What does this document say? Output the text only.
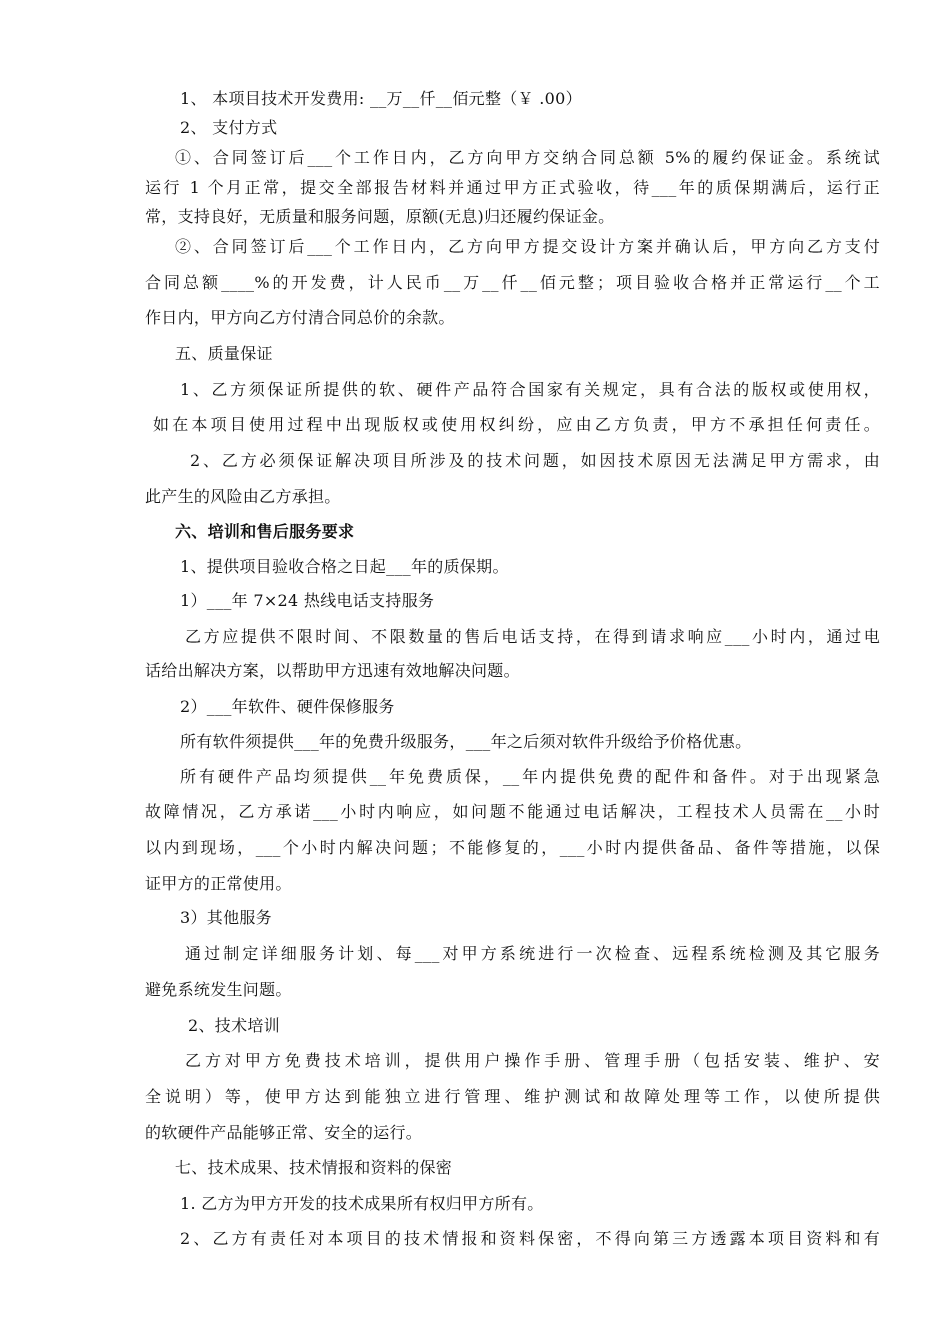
1、 本项目技术开发费用: __万__仟__佰元整（￥ .00）
2、 支付方式
①、合同签订后___个工作日内，乙方向甲方交纳合同总额 5%的履约保证金。系统试
运行 1 个月正常，提交全部报告材料并通过甲方正式验收，待___年的质保期满后，运行正
常，支持良好，无质量和服务问题，原额(无息)归还履约保证金。
②、合同签订后___个工作日内，乙方向甲方提交设计方案并确认后，甲方向乙方支付
合同总额____%的开发费，计人民币__万__仟__佰元整；项目验收合格并正常运行__个工
作日内，甲方向乙方付清合同总价的余款。
五、质量保证
1、乙方须保证所提供的软、硬件产品符合国家有关规定，具有合法的版权或使用权，
如在本项目使用过程中出现版权或使用权纠纷，应由乙方负责，甲方不承担任何责任。
2、乙方必须保证解决项目所涉及的技术问题，如因技术原因无法满足甲方需求，由
此产生的风险由乙方承担。
六、培训和售后服务要求
1、提供项目验收合格之日起___年的质保期。
1）___年 7×24 热线电话支持服务
乙方应提供不限时间、不限数量的售后电话支持，在得到请求响应___小时内，通过电
话给出解决方案，以帮助甲方迅速有效地解决问题。
2）___年软件、硬件保修服务
所有软件须提供___年的免费升级服务，___年之后须对软件升级给予价格优惠。
所有硬件产品均须提供__年免费质保，__年内提供免费的配件和备件。对于出现紧急
故障情况，乙方承诺___小时内响应，如问题不能通过电话解决，工程技术人员需在__小时
以内到现场，___个小时内解决问题；不能修复的，___小时内提供备品、备件等措施，以保
证甲方的正常使用。
3）其他服务
通过制定详细服务计划、每___对甲方系统进行一次检查、远程系统检测及其它服务
避免系统发生问题。
2、技术培训
乙方对甲方免费技术培训，提供用户操作手册、管理手册（包括安装、维护、安
全说明）等，使甲方达到能独立进行管理、维护测试和故障处理等工作，以使所提供
的软硬件产品能够正常、安全的运行。
七、技术成果、技术情报和资料的保密
1. 乙方为甲方开发的技术成果所有权归甲方所有。
2、乙方有责任对本项目的技术情报和资料保密，不得向第三方透露本项目资料和有
